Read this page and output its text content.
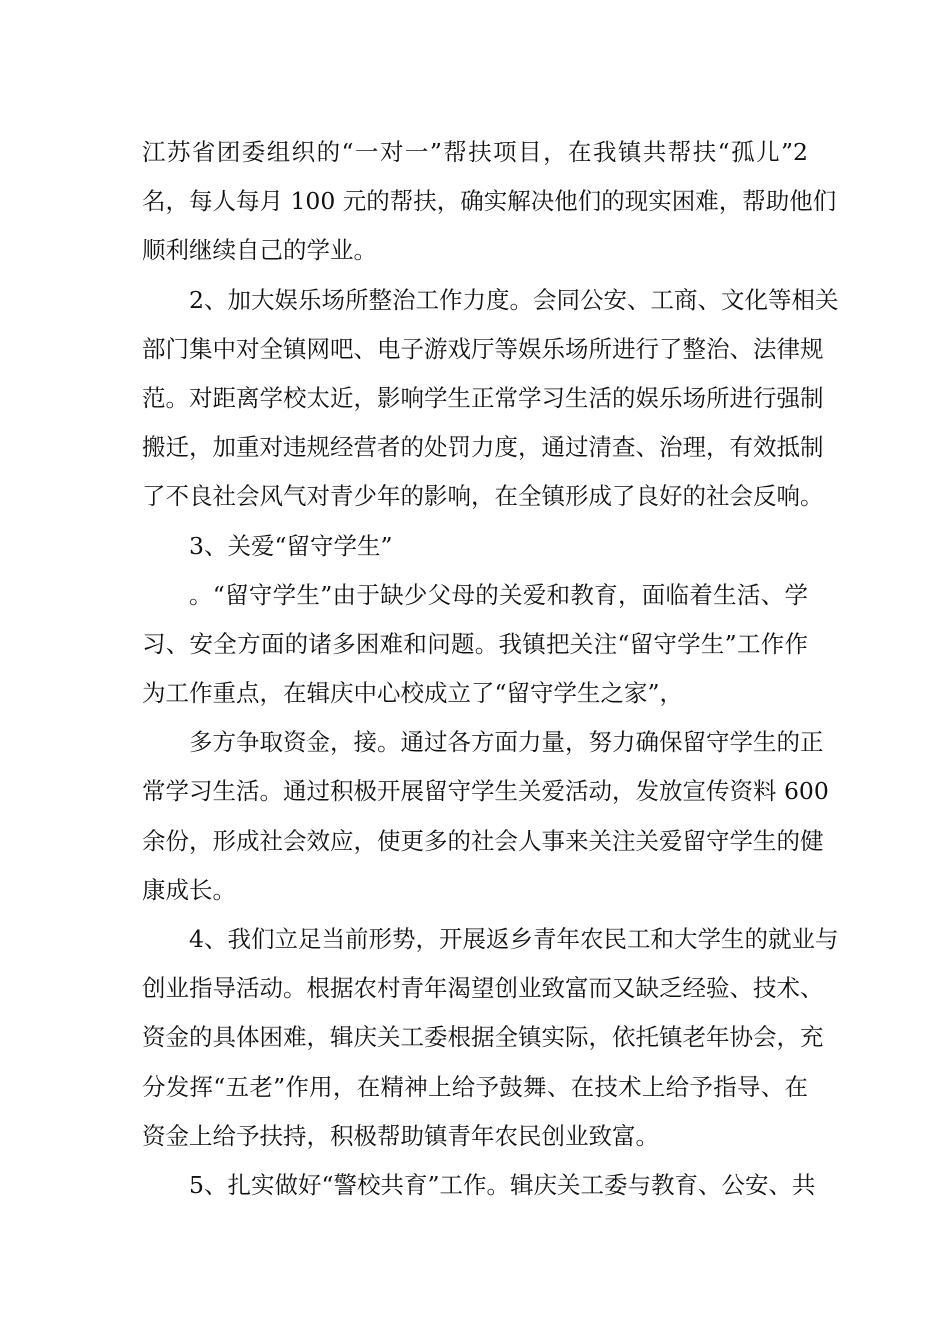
江苏省团委组织的“一对一”帮扶项目，在我镇共帮扶“孤儿”2
名，每人每月 100 元的帮扶，确实解决他们的现实困难，帮助他们
顺利继续自己的学业。
2、加大娱乐场所整治工作力度。会同公安、工商、文化等相关
部门集中对全镇网吧、电子游戏厅等娱乐场所进行了整治、法律规
范。对距离学校太近，影响学生正常学习生活的娱乐场所进行强制
搬迁，加重对违规经营者的处罚力度，通过清查、治理，有效抵制
了不良社会风气对青少年的影响，在全镇形成了良好的社会反响。
3、关爱“留守学生”
。“留守学生”由于缺少父母的关爱和教育，面临着生活、学
习、安全方面的诸多困难和问题。我镇把关注“留守学生”工作作
为工作重点，在辑庆中心校成立了“留守学生之家”，
多方争取资金，接。通过各方面力量，努力确保留守学生的正
常学习生活。通过积极开展留守学生关爱活动，发放宣传资料 600
余份，形成社会效应，使更多的社会人事来关注关爱留守学生的健
康成长。
4、我们立足当前形势，开展返乡青年农民工和大学生的就业与
创业指导活动。根据农村青年渴望创业致富而又缺乏经验、技术、
资金的具体困难，辑庆关工委根据全镇实际，依托镇老年协会，充
分发挥“五老”作用，在精神上给予鼓舞、在技术上给予指导、在
资金上给予扶持，积极帮助镇青年农民创业致富。
5、扎实做好“警校共育”工作。辑庆关工委与教育、公安、共
